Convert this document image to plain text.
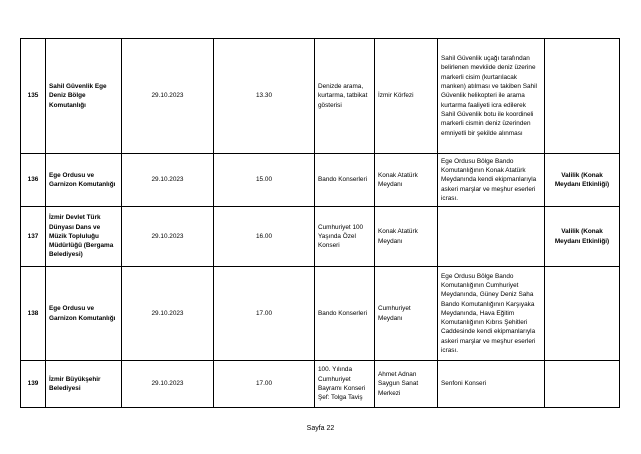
135	Sahil Güvenlik Ege Deniz Bölge Komutanlığı	29.10.2023	13.30	Denizde arama, kurtarma, tatbikat gösterisi	İzmir Körfezi	Sahil Güvenlik uçağı tarafından belirlenen mevkiide deniz üzerine markerli cisim (kurtarılacak manken) atılması ve takiben Sahil Güvenlik helikopteri ile arama kurtarma faaliyeti icra edilerek Sahil Güvenlik botu ile koordineli markerli cismin deniz üzerinden emniyetli bir şekilde alınması	
136	Ege Ordusu ve Garnizon Komutanlığı	29.10.2023	15.00	Bando Konserleri	Konak Atatürk Meydanı	Ege Ordusu Bölge Bando Komutanlığının Konak Atatürk Meydanında kendi ekipmanlarıyla askeri marşlar ve meşhur eserleri icrası.	Valilik (Konak Meydanı Etkinliği)
137	İzmir Devlet Türk Dünyası Dans ve Müzik Topluluğu Müdürlüğü (Bergama Belediyesi)	29.10.2023	16.00	Cumhuriyet 100 Yaşında Özel Konseri	Konak Atatürk Meydanı		Valilik (Konak Meydanı Etkinliği)
138	Ege Ordusu ve Garnizon Komutanlığı	29.10.2023	17.00	Bando Konserleri	Cumhuriyet Meydanı	Ege Ordusu Bölge Bando Komutanlığının Cumhuriyet Meydanında, Güney Deniz Saha Bando Komutanlığının Karşıyaka Meydanında, Hava Eğitim Komutanlığının Kıbrıs Şehitleri Caddesinde kendi ekipmanlarıyla askeri marşlar ve meşhur eserleri icrası.	
139	İzmir Büyükşehir Belediyesi	29.10.2023	17.00	100. Yılında Cumhuriyet Bayramı Konseri Şef: Tolga Taviş	Ahmet Adnan Saygun Sanat Merkezi	Senfoni Konseri	
Sayfa 22
